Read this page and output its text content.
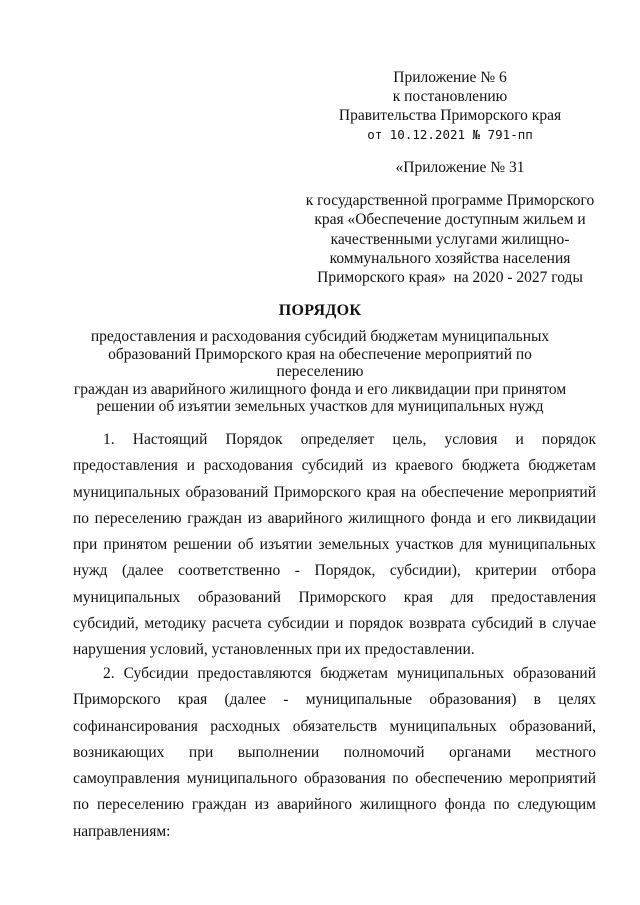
Приложение № 6
к постановлению
Правительства Приморского края
от 10.12.2021 № 791-пп
«Приложение № 31
к государственной программе Приморского
края «Обеспечение доступным жильем и
качественными услугами жилищно-
коммунального хозяйства населения
Приморского края»  на 2020 - 2027 годы
ПОРЯДОК
предоставления и расходования субсидий бюджетам муниципальных
образований Приморского края на обеспечение мероприятий по переселению
граждан из аварийного жилищного фонда и его ликвидации при принятом
решении об изъятии земельных участков для муниципальных нужд

1. Настоящий Порядок определяет цель, условия и порядок предоставления и расходования субсидий из краевого бюджета бюджетам муниципальных образований Приморского края на обеспечение мероприятий по переселению граждан из аварийного жилищного фонда и его ликвидации при принятом решении об изъятии земельных участков для муниципальных нужд (далее соответственно - Порядок, субсидии), критерии отбора муниципальных образований Приморского края для предоставления субсидий, методику расчета субсидии и порядок возврата субсидий в случае нарушения условий, установленных при их предоставлении.

2. Субсидии предоставляются бюджетам муниципальных образований Приморского края (далее - муниципальные образования) в целях софинансирования расходных обязательств муниципальных образований, возникающих при выполнении полномочий органами местного самоуправления муниципального образования по обеспечению мероприятий по переселению граждан из аварийного жилищного фонда по следующим направлениям:
